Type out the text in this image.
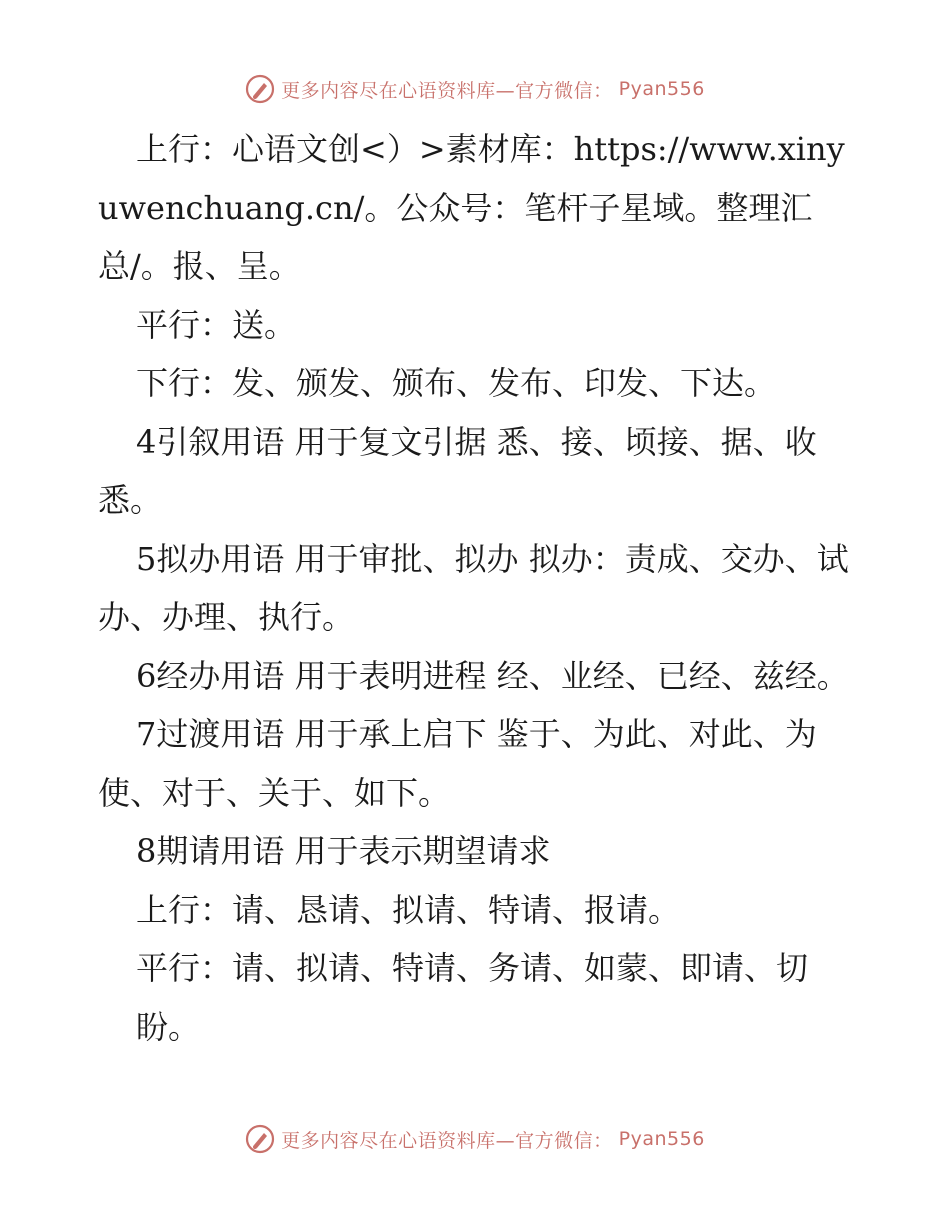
更多内容尽在心语资料库—官方微信： Pyan556

上行：心语文创<）>素材库：https://www.xinyuwenchuang.cn/。公众号：笔杆子星域。整理汇总/。报、呈。

平行：送。

下行：发、颁发、颁布、发布、印发、下达。

4引叙用语 用于复文引据 悉、接、顷接、据、收悉。

5拟办用语 用于审批、拟办 拟办：责成、交办、试办、办理、执行。

6经办用语 用于表明进程 经、业经、已经、兹经。

7过渡用语 用于承上启下 鉴于、为此、对此、为使、对于、关于、如下。

8期请用语 用于表示期望请求

上行：请、恳请、拟请、特请、报请。

平行：请、拟请、特请、务请、如蒙、即请、切盼。

更多内容尽在心语资料库—官方微信： Pyan556
